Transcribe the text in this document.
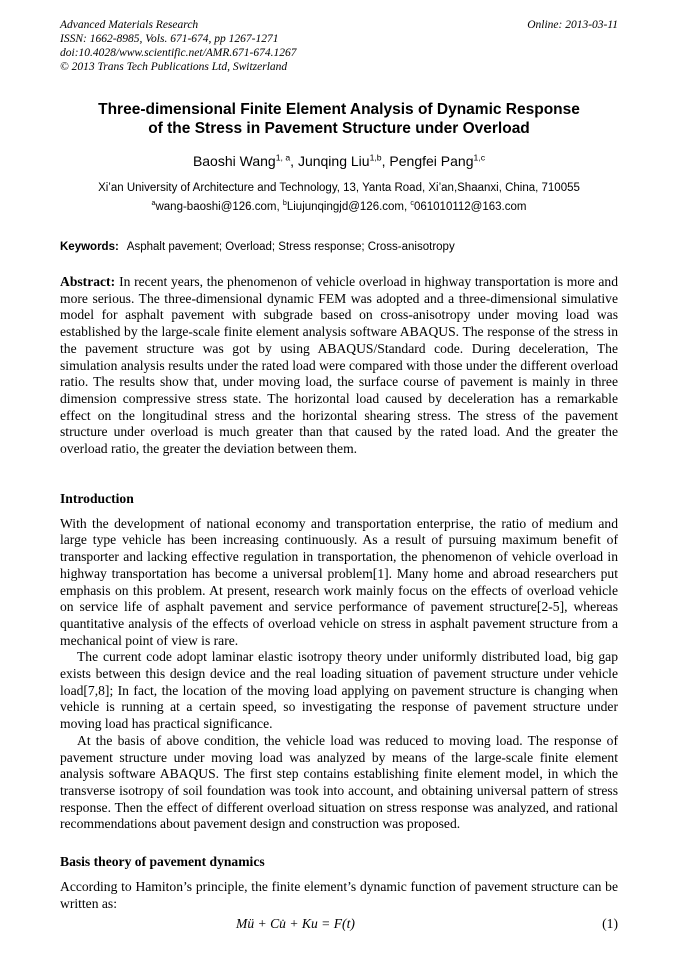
Advanced Materials Research
ISSN: 1662-8985, Vols. 671-674, pp 1267-1271
doi:10.4028/www.scientific.net/AMR.671-674.1267
© 2013 Trans Tech Publications Ltd, Switzerland
Online: 2013-03-11
Three-dimensional Finite Element Analysis of Dynamic Response
of the Stress in Pavement Structure under Overload
Baoshi Wang$^{1, a}$, Junqing Liu$^{1,b}$, Pengfei Pang$^{1,c}$
Xi’an University of Architecture and Technology, 13, Yanta Road, Xi’an,Shaanxi, China, 710055
$^a$wang-baoshi@126.com, $^b$Liujunqingjd@126.com, $^c$061010112@163.com
Keywords: Asphalt pavement; Overload; Stress response; Cross-anisotropy
Abstract: In recent years, the phenomenon of vehicle overload in highway transportation is more and more serious. The three-dimensional dynamic FEM was adopted and a three-dimensional simulative model for asphalt pavement with subgrade based on cross-anisotropy under moving load was established by the large-scale finite element analysis software ABAQUS. The response of the stress in the pavement structure was got by using ABAQUS/Standard code. During deceleration, The simulation analysis results under the rated load were compared with those under the different overload ratio. The results show that, under moving load, the surface course of pavement is mainly in three dimension compressive stress state. The horizontal load caused by deceleration has a remarkable effect on the longitudinal stress and the horizontal shearing stress. The stress of the pavement structure under overload is much greater than that caused by the rated load. And the greater the overload ratio, the greater the deviation between them.
Introduction

With the development of national economy and transportation enterprise, the ratio of medium and large type vehicle has been increasing continuously. As a result of pursuing maximum benefit of transporter and lacking effective regulation in transportation, the phenomenon of vehicle overload in highway transportation has become a universal problem[1]. Many home and abroad researchers put emphasis on this problem. At present, research work mainly focus on the effects of overload vehicle on service life of asphalt pavement and service performance of pavement structure[2-5], whereas quantitative analysis of the effects of overload vehicle on stress in asphalt pavement structure from a mechanical point of view is rare.

The current code adopt laminar elastic isotropy theory under uniformly distributed load, big gap exists between this design device and the real loading situation of pavement structure under vehicle load[7,8]; In fact, the location of the moving load applying on pavement structure is changing when vehicle is running at a certain speed, so investigating the response of pavement structure under moving load has practical significance.

At the basis of above condition, the vehicle load was reduced to moving load. The response of pavement structure under moving load was analyzed by means of the large-scale finite element analysis software ABAQUS. The first step contains establishing finite element model, in which the transverse isotropy of soil foundation was took into account, and obtaining universal pattern of stress response. Then the effect of different overload situation on stress response was analyzed, and rational recommendations about pavement design and construction was proposed.

Basis theory of pavement dynamics

According to Hamiton’s principle, the finite element’s dynamic function of pavement structure can be written as:

Mü + Cu̇ + Ku = F(t)	(1)
